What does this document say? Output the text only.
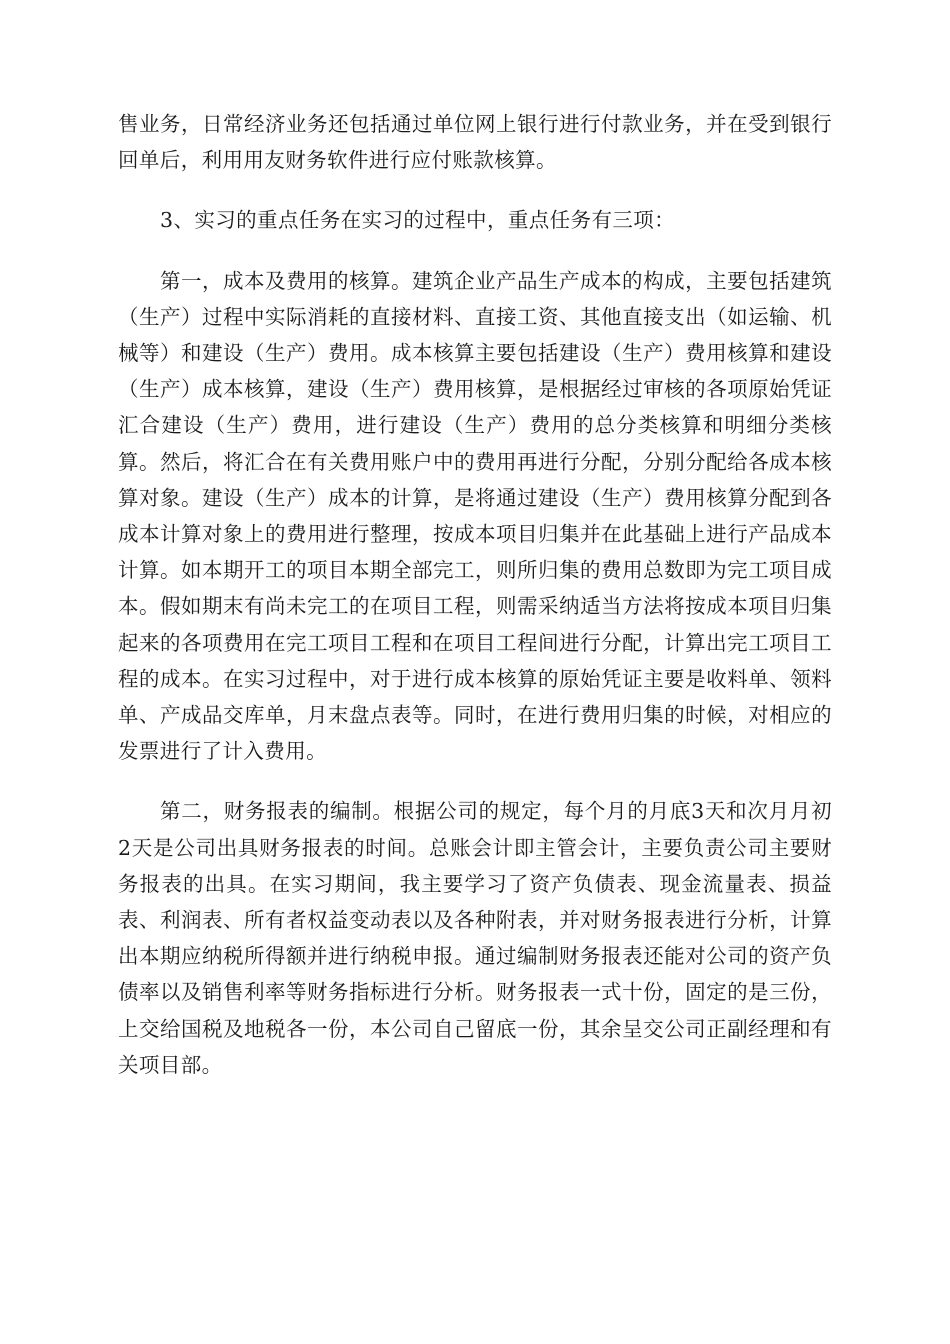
售业务，日常经济业务还包括通过单位网上银行进行付款业务，并在受到银行回单后，利用用友财务软件进行应付账款核算。

3、实习的重点任务在实习的过程中，重点任务有三项：

第一，成本及费用的核算。建筑企业产品生产成本的构成，主要包括建筑（生产）过程中实际消耗的直接材料、直接工资、其他直接支出（如运输、机械等）和建设（生产）费用。成本核算主要包括建设（生产）费用核算和建设（生产）成本核算，建设（生产）费用核算，是根据经过审核的各项原始凭证汇合建设（生产）费用，进行建设（生产）费用的总分类核算和明细分类核算。然后，将汇合在有关费用账户中的费用再进行分配，分别分配给各成本核算对象。建设（生产）成本的计算，是将通过建设（生产）费用核算分配到各成本计算对象上的费用进行整理，按成本项目归集并在此基础上进行产品成本计算。如本期开工的项目本期全部完工，则所归集的费用总数即为完工项目成本。假如期末有尚未完工的在项目工程，则需采纳适当方法将按成本项目归集起来的各项费用在完工项目工程和在项目工程间进行分配，计算出完工项目工程的成本。在实习过程中，对于进行成本核算的原始凭证主要是收料单、领料单、产成品交库单，月末盘点表等。同时，在进行费用归集的时候，对相应的发票进行了计入费用。

第二，财务报表的编制。根据公司的规定，每个月的月底3天和次月月初2天是公司出具财务报表的时间。总账会计即主管会计，主要负责公司主要财务报表的出具。在实习期间，我主要学习了资产负债表、现金流量表、损益表、利润表、所有者权益变动表以及各种附表，并对财务报表进行分析，计算出本期应纳税所得额并进行纳税申报。通过编制财务报表还能对公司的资产负债率以及销售利率等财务指标进行分析。财务报表一式十份，固定的是三份，上交给国税及地税各一份，本公司自己留底一份，其余呈交公司正副经理和有关项目部。
